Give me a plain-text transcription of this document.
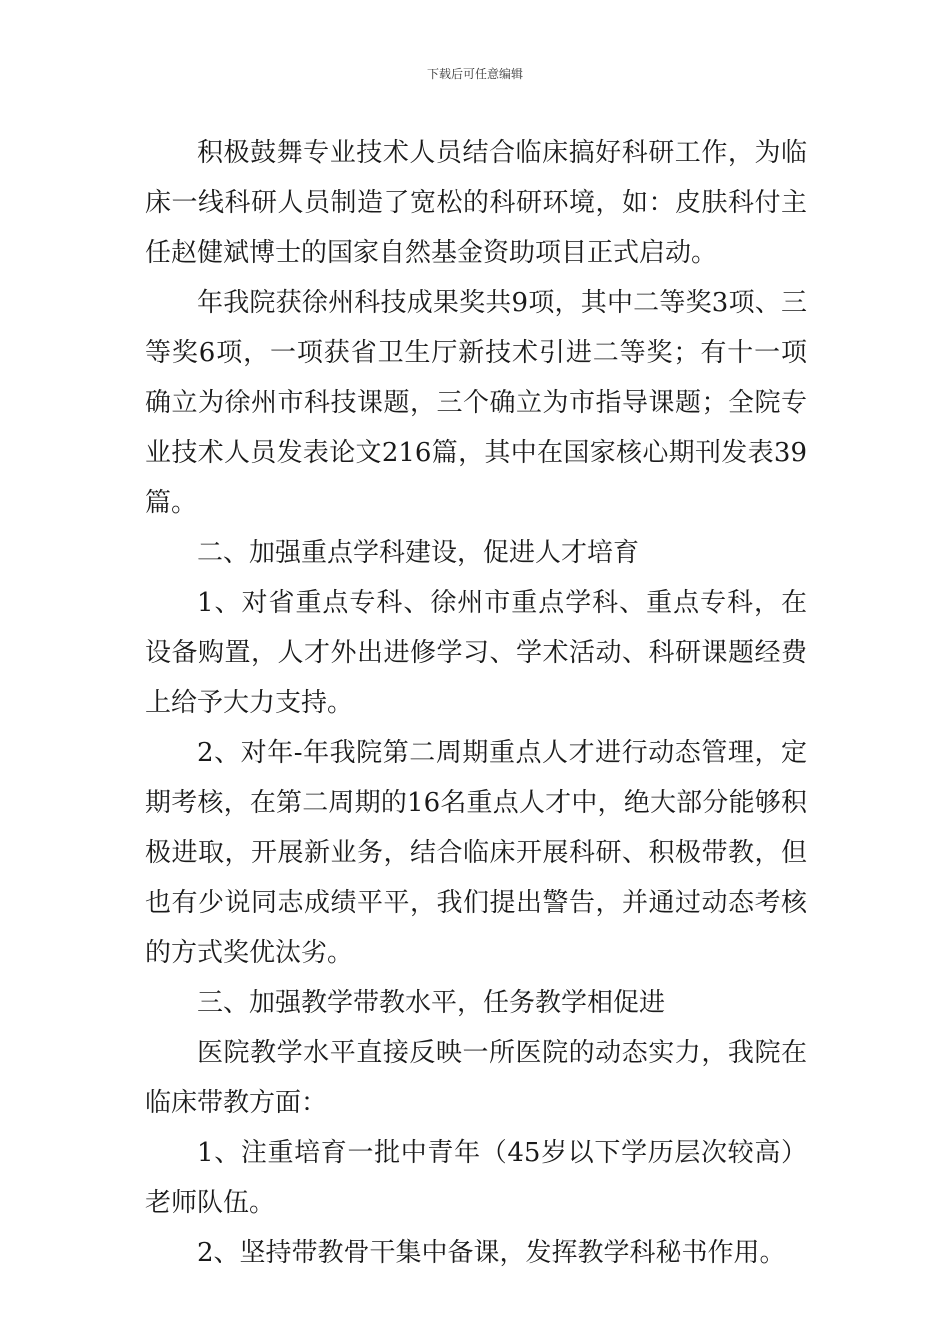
下载后可任意编辑

积极鼓舞专业技术人员结合临床搞好科研工作，为临床一线科研人员制造了宽松的科研环境，如：皮肤科付主任赵健斌博士的国家自然基金资助项目正式启动。

年我院获徐州科技成果奖共9项，其中二等奖3项、三等奖6项，一项获省卫生厅新技术引进二等奖；有十一项确立为徐州市科技课题，三个确立为市指导课题；全院专业技术人员发表论文216篇，其中在国家核心期刊发表39篇。

二、加强重点学科建设，促进人才培育

1、对省重点专科、徐州市重点学科、重点专科，在设备购置，人才外出进修学习、学术活动、科研课题经费上给予大力支持。

2、对年-年我院第二周期重点人才进行动态管理，定期考核，在第二周期的16名重点人才中，绝大部分能够积极进取，开展新业务，结合临床开展科研、积极带教，但也有少说同志成绩平平，我们提出警告，并通过动态考核的方式奖优汰劣。

三、加强教学带教水平，任务教学相促进

医院教学水平直接反映一所医院的动态实力，我院在临床带教方面：

1、注重培育一批中青年（45岁以下学历层次较高）老师队伍。

2、坚持带教骨干集中备课，发挥教学科秘书作用。
